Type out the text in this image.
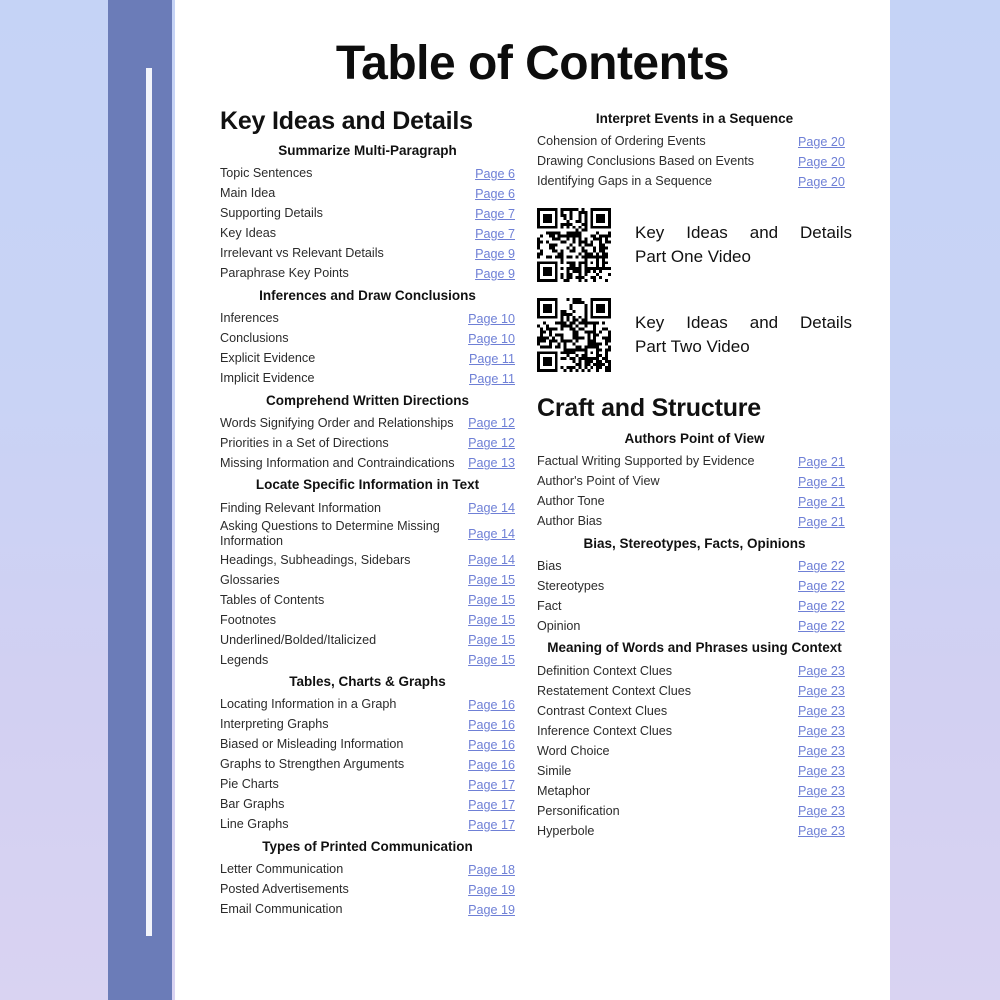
Table of Contents
Key Ideas and Details
Summarize Multi-Paragraph
Topic Sentences	Page 6
Main Idea	Page 6
Supporting Details	Page 7
Key Ideas	Page 7
Irrelevant vs Relevant Details	Page 9
Paraphrase Key Points	Page 9
Inferences and Draw Conclusions
Inferences	Page 10
Conclusions	Page 10
Explicit Evidence	Page 11
Implicit Evidence	Page 11
Comprehend Written Directions
Words Signifying Order and Relationships Page 12
Priorities in a Set of Directions	Page 12
Missing Information and Contraindications Page 13
Locate Specific Information in Text
Finding Relevant Information	Page 14
Asking Questions to Determine Missing Information	Page 14
Headings, Subheadings, Sidebars	Page 14
Glossaries	Page 15
Tables of Contents	Page 15
Footnotes	Page 15
Underlined/Bolded/Italicized	Page 15
Legends	Page 15
Tables, Charts & Graphs
Locating Information in a Graph	Page 16
Interpreting Graphs	Page 16
Biased or Misleading Information	Page 16
Graphs to Strengthen Arguments	Page 16
Pie Charts	Page 17
Bar Graphs	Page 17
Line Graphs	Page 17
Types of Printed Communication
Letter Communication	Page 18
Posted Advertisements	Page 19
Email Communication	Page 19
Interpret Events in a Sequence
Cohension of Ordering Events	Page 20
Drawing Conclusions Based on Events	Page 20
Identifying Gaps in a Sequence	Page 20
Key Ideas and Details
Part One Video
Key Ideas and Details
Part Two Video
Craft and Structure
Authors Point of View
Factual Writing Supported by Evidence	Page 21
Author's Point of View	Page 21
Author Tone	Page 21
Author Bias	Page 21
Bias, Stereotypes, Facts, Opinions
Bias	Page 22
Stereotypes	Page 22
Fact	Page 22
Opinion	Page 22
Meaning of Words and Phrases using Context
Definition Context Clues	Page 23
Restatement Context Clues	Page 23
Contrast Context Clues	Page 23
Inference Context Clues	Page 23
Word Choice	Page 23
Simile	Page 23
Metaphor	Page 23
Personification	Page 23
Hyperbole	Page 23
